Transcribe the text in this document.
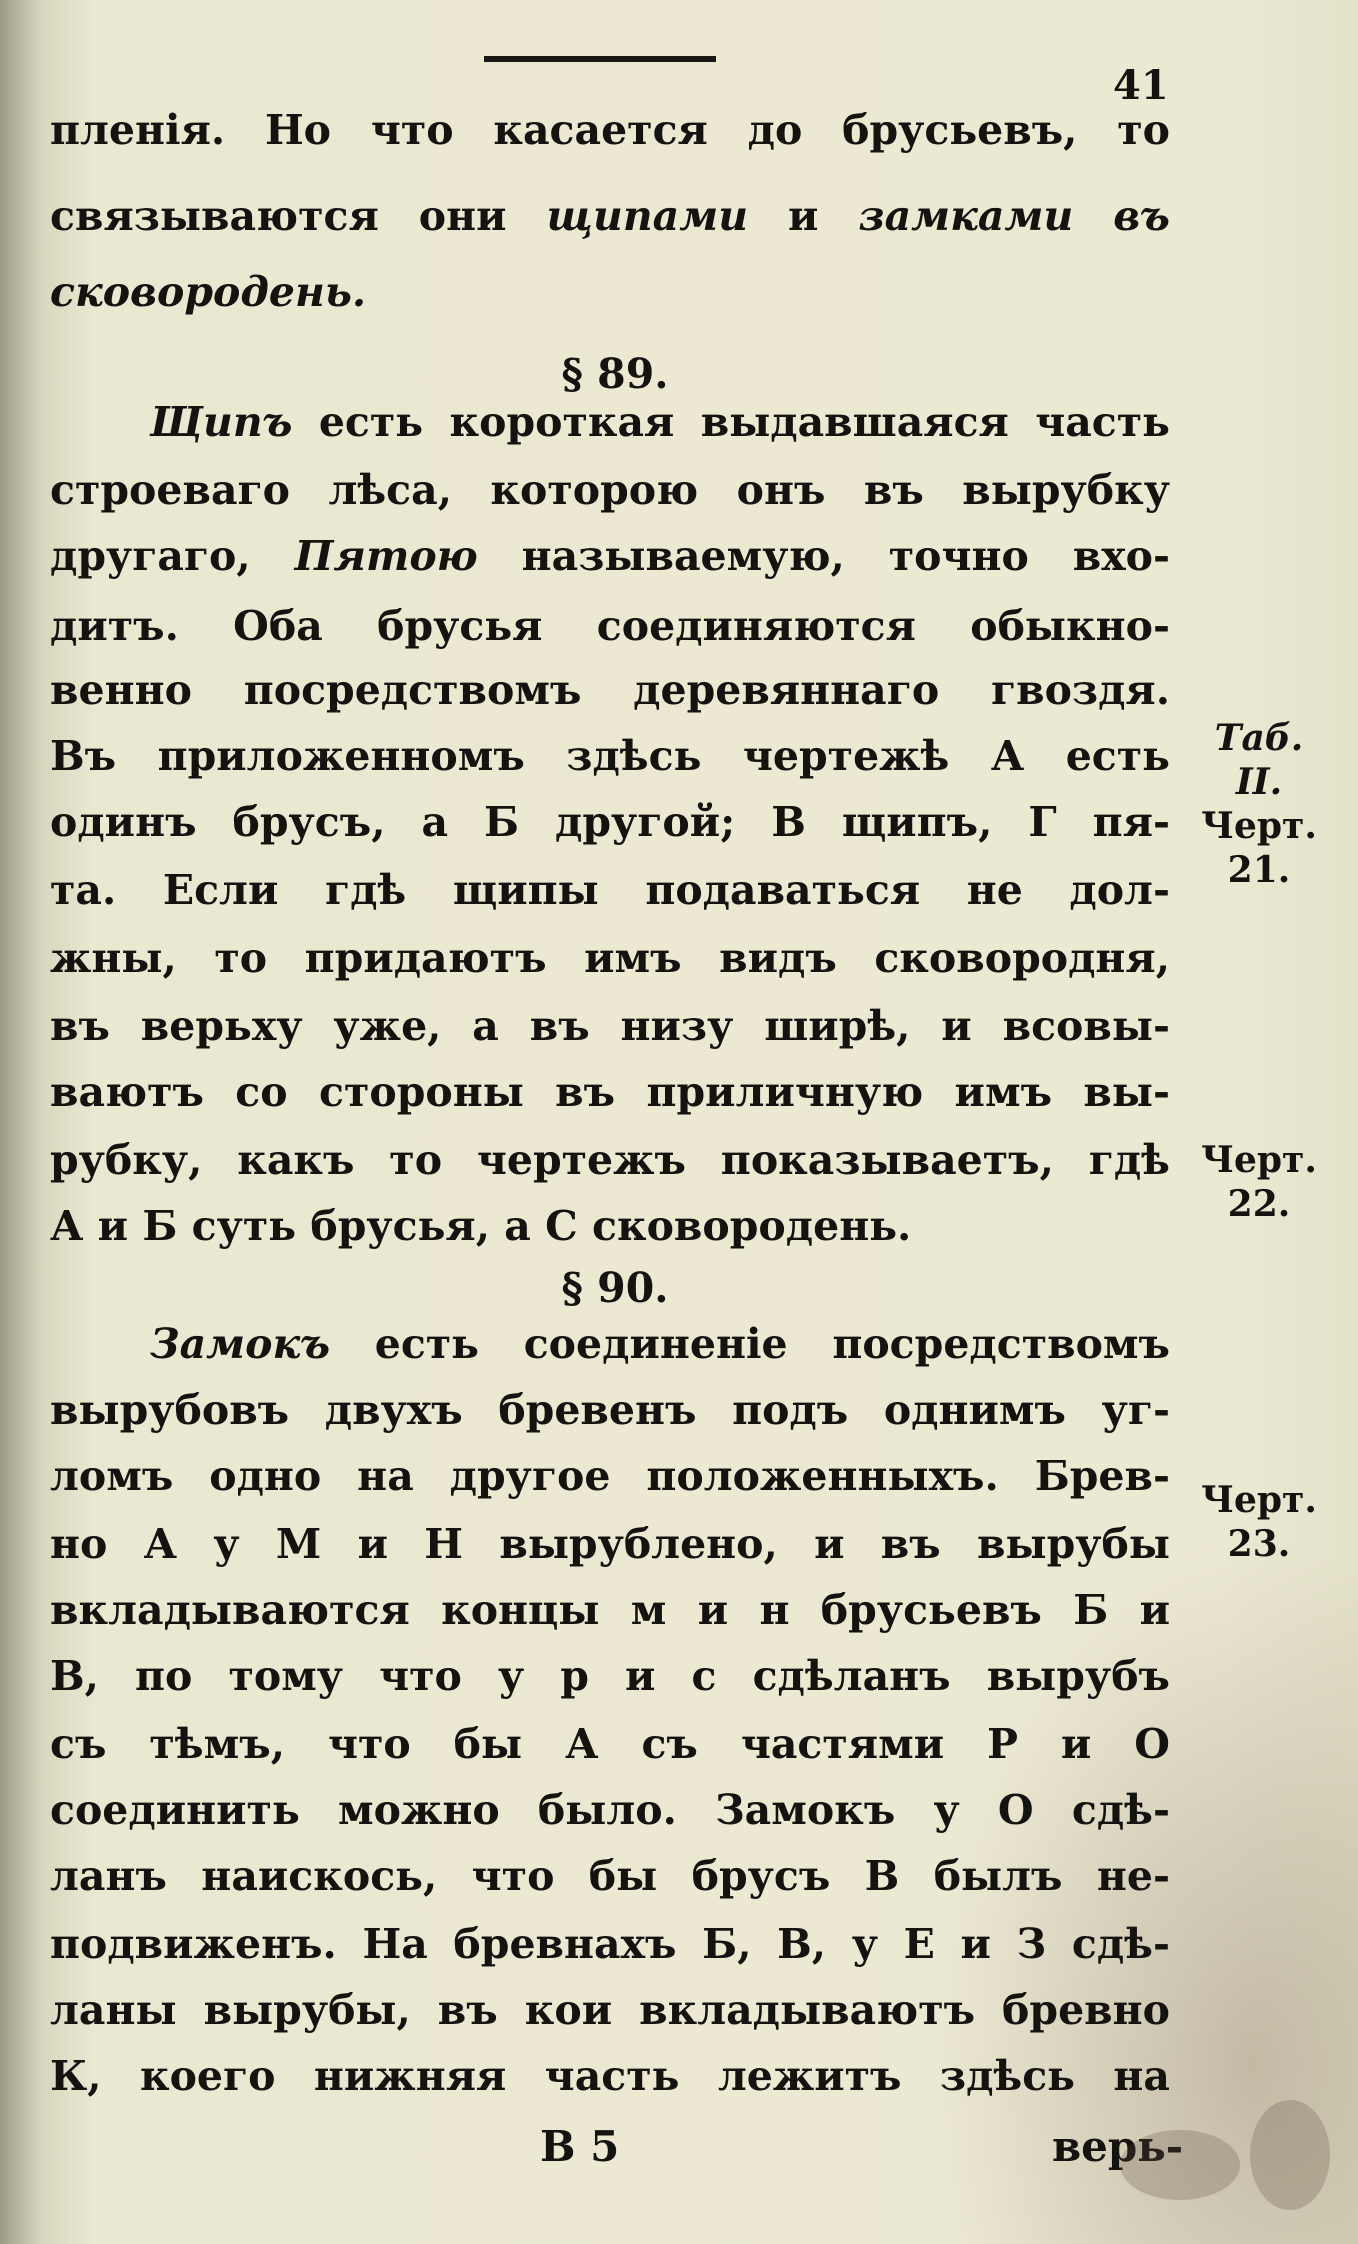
41
пленія. Но что касается до брусьевъ, то
связываются они щипами и замками въ
сковородень.
§ 89.
Щипъ есть короткая выдавшаяся часть
строеваго лѣса, которою онъ въ вырубку
другаго, Пятою называемую, точно вхо-
дитъ. Оба брусья соединяются обыкно-
венно посредствомъ деревяннаго гвоздя.
Въ приложенномъ здѣсь чертежѣ А есть
одинъ брусъ, а Б другой; В щипъ, Г пя-
та. Если гдѣ щипы подаваться не дол-
жны, то придаютъ имъ видъ сковородня,
въ верьху уже, а въ низу ширѣ, и всовы-
ваютъ со стороны въ приличную имъ вы-
рубку, какъ то чертежъ показываетъ, гдѣ
А и Б суть брусья, а С сковородень.
§ 90.
Замокъ есть соединеніе посредствомъ
вырубовъ двухъ бревенъ подъ однимъ уг-
ломъ одно на другое положенныхъ. Брев-
но А у М и Н вырублено, и въ вырубы
вкладываются концы м и н брусьевъ Б и
В, по тому что у р и с сдѣланъ вырубъ
съ тѣмъ, что бы А съ частями Р и О
соединить можно было. Замокъ у О сдѣ-
ланъ наискось, что бы брусъ В былъ не-
подвиженъ. На бревнахъ Б, В, у Е и З сдѣ-
ланы вырубы, въ кои вкладываютъ бревно
К, коего нижняя часть лежитъ здѣсь на
Таб.
II.
Черт.
21.
Черт.
22.
Черт.
23.
В 5	верь-
